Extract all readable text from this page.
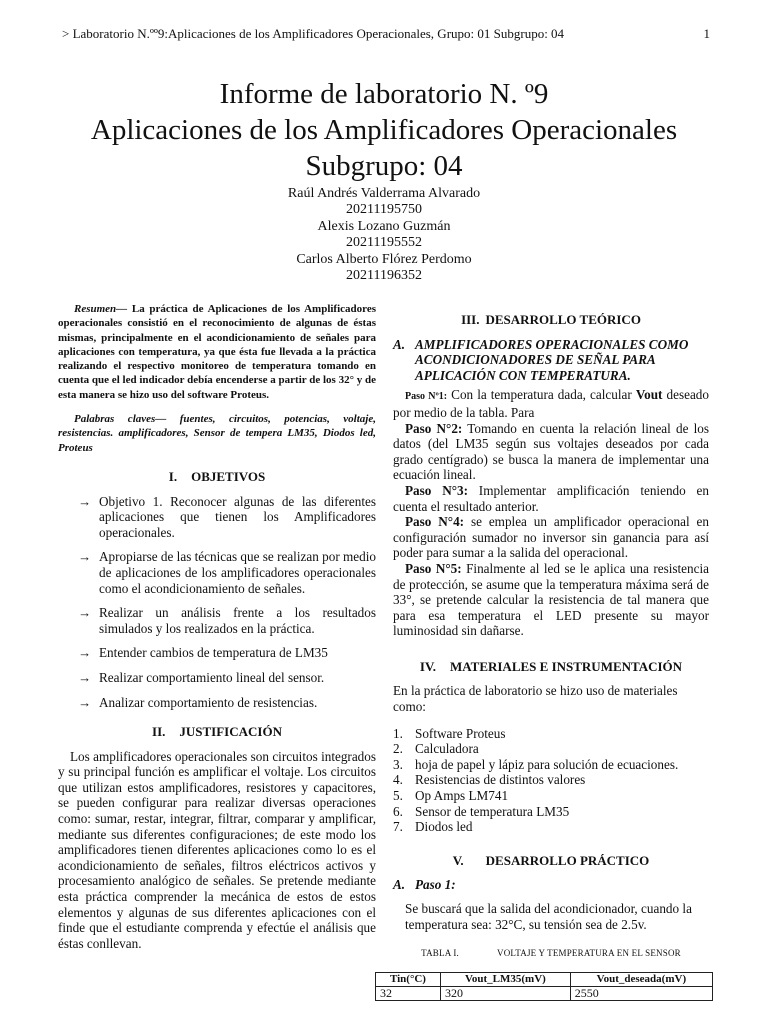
> Laboratorio N.ºº9:Aplicaciones de los Amplificadores Operacionales, Grupo: 01 Subgrupo: 04	1
Informe de laboratorio N. º9
Aplicaciones de los Amplificadores Operacionales
Subgrupo: 04
Raúl Andrés Valderrama Alvarado
20211195750
Alexis Lozano Guzmán
20211195552
Carlos Alberto Flórez Perdomo
20211196352

Resumen— La práctica de Aplicaciones de los Amplificadores operacionales consistió en el reconocimiento de algunas de éstas mismas, principalmente en el acondicionamiento de señales para aplicaciones con temperatura, ya que ésta fue llevada a la práctica realizando el respectivo monitoreo de temperatura tomando en cuenta que el led indicador debía encenderse a partir de los 32° y de esta manera se hizo uso del software Proteus.

Palabras claves— fuentes, circuitos, potencias, voltaje, resistencias. amplificadores, Sensor de tempera LM35, Diodos led, Proteus

I. OBJETIVOS
→ Objetivo 1. Reconocer algunas de las diferentes aplicaciones que tienen los Amplificadores operacionales.
→ Apropiarse de las técnicas que se realizan por medio de aplicaciones de los amplificadores operacionales como el acondicionamiento de señales.
→ Realizar un análisis frente a los resultados simulados y los realizados en la práctica.
→ Entender cambios de temperatura de LM35
→ Realizar comportamiento lineal del sensor.
→ Analizar comportamiento de resistencias.
II. JUSTIFICACIÓN

Los amplificadores operacionales son circuitos integrados y su principal función es amplificar el voltaje. Los circuitos que utilizan estos amplificadores, resistores y capacitores, se pueden configurar para realizar diversas operaciones como: sumar, restar, integrar, filtrar, comparar y amplificar, mediante sus diferentes configuraciones; de este modo los amplificadores tienen diferentes aplicaciones como lo es el acondicionamiento de señales, filtros eléctricos activos y procesamiento analógico de señales. Se pretende mediante esta práctica comprender la mecánica de estos de estos elementos y algunas de sus diferentes aplicaciones con el finde que el estudiante comprenda y efectúe el análisis que éstas conllevan.

III. DESARROLLO TEÓRICO
A. AMPLIFICADORES OPERACIONALES COMO ACONDICIONADORES DE SEÑAL PARA APLICACIÓN CON TEMPERATURA.

Paso Nº1: Con la temperatura dada, calcular Vout deseado por medio de la tabla. Para

Paso N°2: Tomando en cuenta la relación lineal de los datos (del LM35 según sus voltajes deseados por cada grado centígrado) se busca la manera de implementar una ecuación lineal.

Paso N°3: Implementar amplificación teniendo en cuenta el resultado anterior.

Paso N°4: se emplea un amplificador operacional en configuración sumador no inversor sin ganancia para así poder para sumar a la salida del operacional.

Paso N°5: Finalmente al led se le aplica una resistencia de protección, se asume que la temperatura máxima será de 33°, se pretende calcular la resistencia de tal manera que para esa temperatura el LED presente su mayor luminosidad sin dañarse.

IV. MATERIALES E INSTRUMENTACIÓN

En la práctica de laboratorio se hizo uso de materiales como:

1. Software Proteus
2. Calculadora
3. hoja de papel y lápiz para solución de ecuaciones.
4. Resistencias de distintos valores
5. Op Amps LM741
6. Sensor de temperatura LM35
7. Diodos led
V. DESARROLLO PRÁCTICO
A. Paso 1:

Se buscará que la salida del acondicionador, cuando la temperatura sea: 32°C, su tensión sea de 2.5v.

TABLA I.	VOLTAJE Y TEMPERATURA EN EL SENSOR
Tin(°C)	Vout_LM35(mV)	Vout_deseada(mV)
32	320	2550
